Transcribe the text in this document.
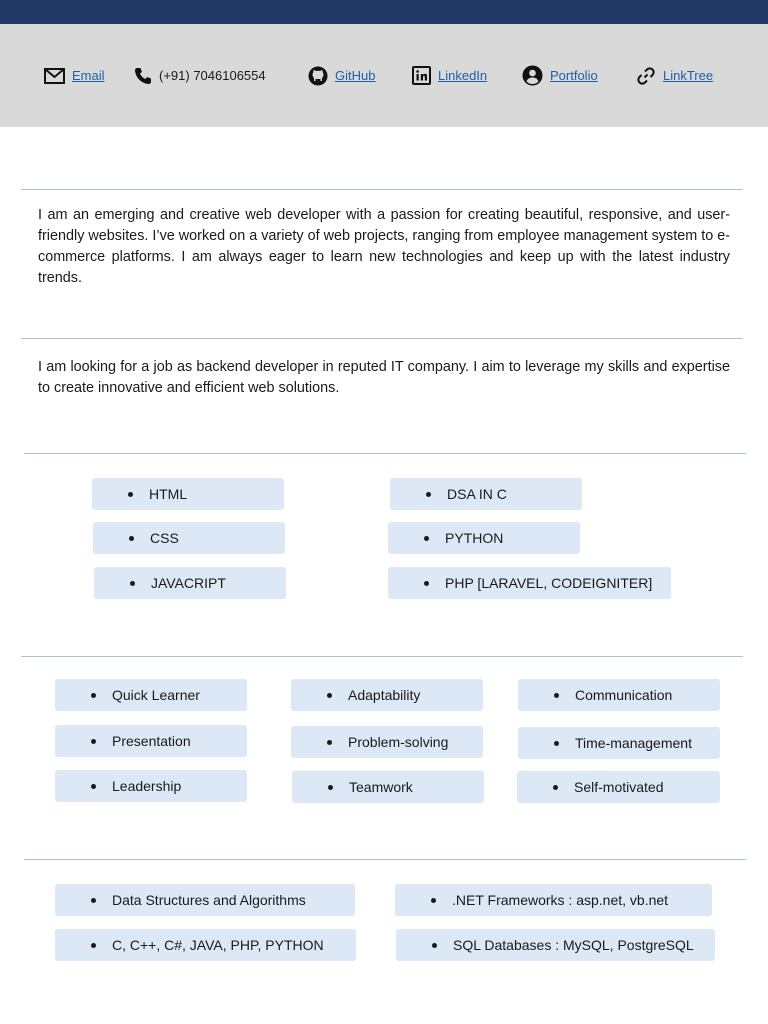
Email	(+91) 7046106554	GitHub	LinkedIn	Portfolio	LinkTree

I am an emerging and creative web developer with a passion for creating beautiful, responsive, and user-friendly websites. I’ve worked on a variety of web projects, ranging from employee management system to e-commerce platforms. I am always eager to learn new technologies and keep up with the latest industry trends.

I am looking for a job as backend developer in reputed IT company. I aim to leverage my skills and expertise to create innovative and efficient web solutions.

HTML
CSS
JAVACRIPT
DSA IN C
PYTHON
PHP [LARAVEL, CODEIGNITER]
Quick Learner
Presentation
Leadership
Adaptability
Problem-solving
Teamwork
Communication
Time-management
Self-motivated
Data Structures and Algorithms
C, C++, C#, JAVA, PHP, PYTHON
.NET Frameworks : asp.net, vb.net
SQL Databases : MySQL, PostgreSQL
